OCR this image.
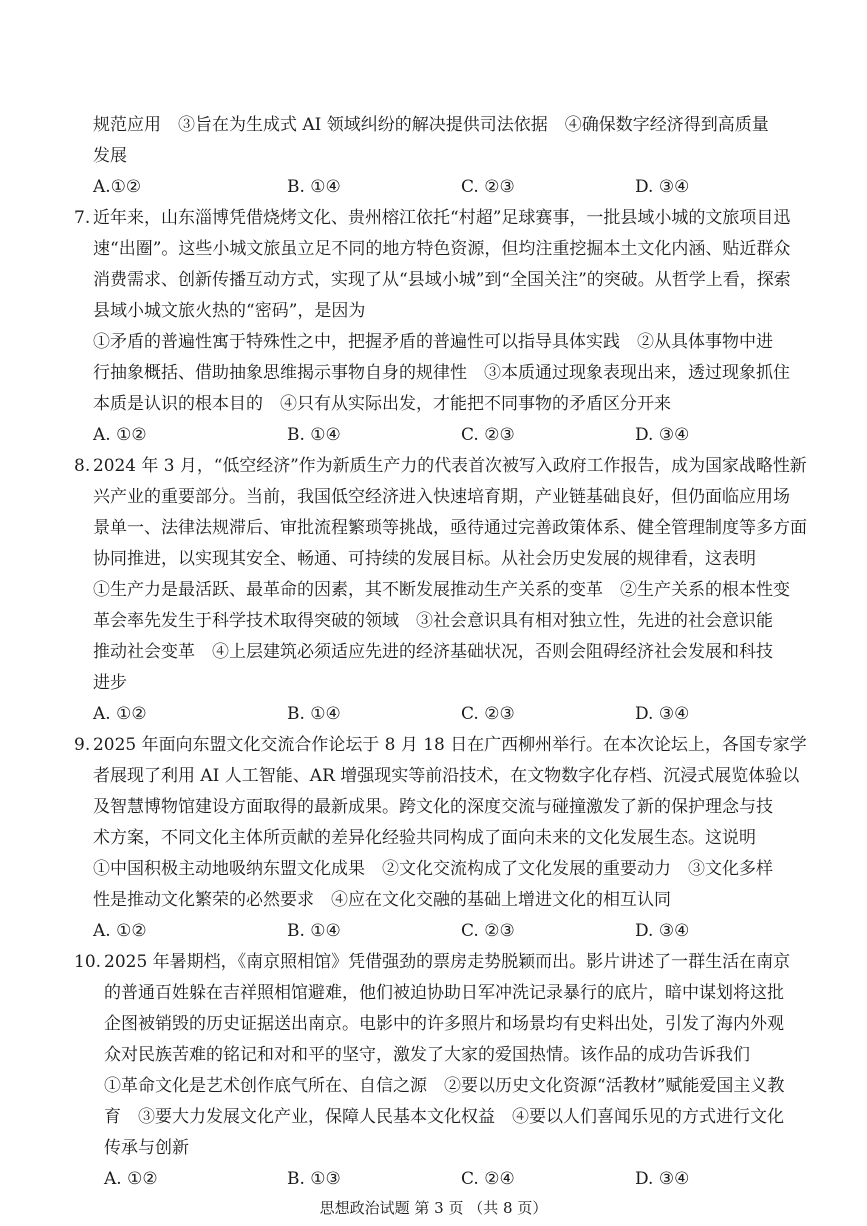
规范应用　③旨在为生成式 AI 领域纠纷的解决提供司法依据　④确保数字经济得到高质量
发展
A.①②	B. ①④	C. ②③	D. ③④
7. 近年来，山东淄博凭借烧烤文化、贵州榕江依托“村超”足球赛事，一批县域小城的文旅项目迅
速“出圈”。这些小城文旅虽立足不同的地方特色资源，但均注重挖掘本土文化内涵、贴近群众
消费需求、创新传播互动方式，实现了从“县域小城”到“全国关注”的突破。从哲学上看，探索
县域小城文旅火热的“密码”，是因为
①矛盾的普遍性寓于特殊性之中，把握矛盾的普遍性可以指导具体实践　②从具体事物中进
行抽象概括、借助抽象思维揭示事物自身的规律性　③本质通过现象表现出来，透过现象抓住
本质是认识的根本目的　④只有从实际出发，才能把不同事物的矛盾区分开来
A. ①②	B. ①④	C. ②③	D. ③④
8. 2024 年 3 月，“低空经济”作为新质生产力的代表首次被写入政府工作报告，成为国家战略性新
兴产业的重要部分。当前，我国低空经济进入快速培育期，产业链基础良好，但仍面临应用场
景单一、法律法规滞后、审批流程繁琐等挑战，亟待通过完善政策体系、健全管理制度等多方面
协同推进，以实现其安全、畅通、可持续的发展目标。从社会历史发展的规律看，这表明
①生产力是最活跃、最革命的因素，其不断发展推动生产关系的变革　②生产关系的根本性变
革会率先发生于科学技术取得突破的领域　③社会意识具有相对独立性，先进的社会意识能
推动社会变革　④上层建筑必须适应先进的经济基础状况，否则会阻碍经济社会发展和科技
进步
A. ①②	B. ①④	C. ②③	D. ③④
9. 2025 年面向东盟文化交流合作论坛于 8 月 18 日在广西柳州举行。在本次论坛上，各国专家学
者展现了利用 AI 人工智能、AR 增强现实等前沿技术，在文物数字化存档、沉浸式展览体验以
及智慧博物馆建设方面取得的最新成果。跨文化的深度交流与碰撞激发了新的保护理念与技
术方案，不同文化主体所贡献的差异化经验共同构成了面向未来的文化发展生态。这说明
①中国积极主动地吸纳东盟文化成果　②文化交流构成了文化发展的重要动力　③文化多样
性是推动文化繁荣的必然要求　④应在文化交融的基础上增进文化的相互认同
A. ①②	B. ①④	C. ②③	D. ③④
10. 2025 年暑期档，《南京照相馆》凭借强劲的票房走势脱颖而出。影片讲述了一群生活在南京
的普通百姓躲在吉祥照相馆避难，他们被迫协助日军冲洗记录暴行的底片，暗中谋划将这批
企图被销毁的历史证据送出南京。电影中的许多照片和场景均有史料出处，引发了海内外观
众对民族苦难的铭记和对和平的坚守，激发了大家的爱国热情。该作品的成功告诉我们
①革命文化是艺术创作底气所在、自信之源　②要以历史文化资源“活教材”赋能爱国主义教
育　③要大力发展文化产业，保障人民基本文化权益　④要以人们喜闻乐见的方式进行文化
传承与创新
A. ①②	B. ①③	C. ②④	D. ③④
思想政治试题 第 3 页 （共 8 页）
